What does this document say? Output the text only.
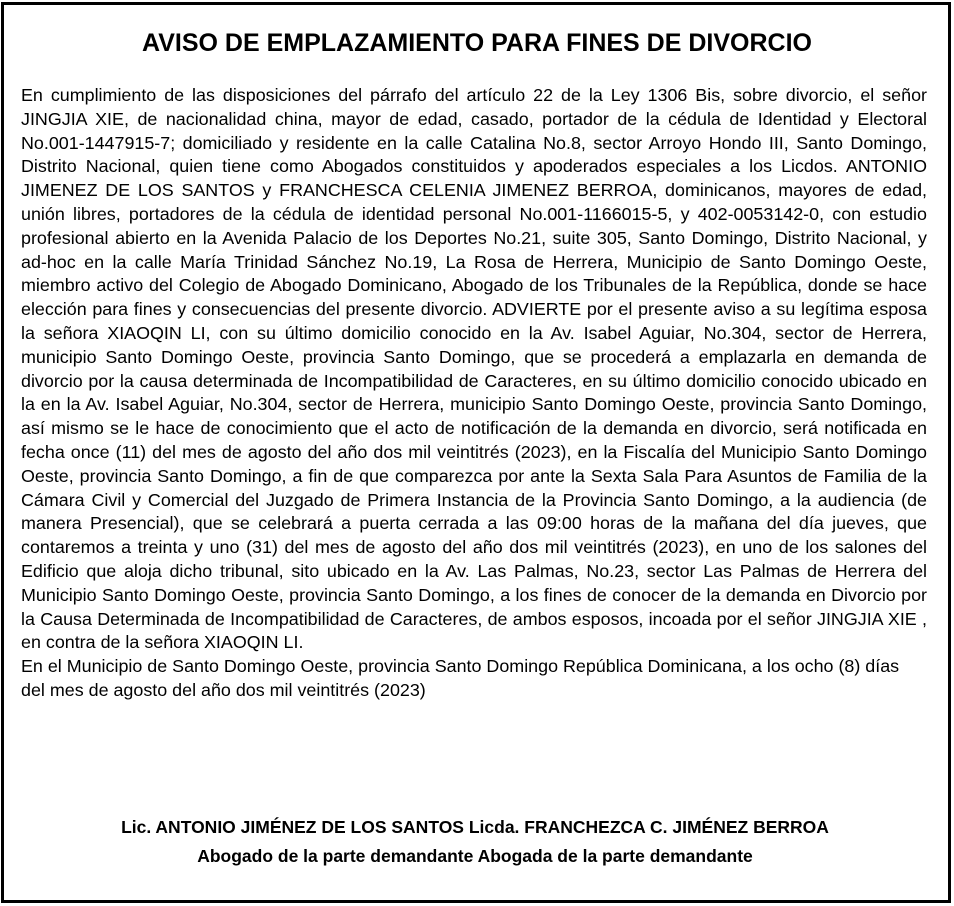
AVISO DE EMPLAZAMIENTO PARA FINES DE DIVORCIO

En cumplimiento de las disposiciones del párrafo del artículo 22 de la Ley 1306 Bis, sobre divorcio, el señor JINGJIA XIE, de nacionalidad china, mayor de edad, casado, portador de la cédula de Identidad y Electoral No.001-1447915-7; domiciliado y residente en la calle Catalina No.8, sector Arroyo Hondo III, Santo Domingo, Distrito Nacional, quien tiene como Abogados constituidos y apoderados especiales a los Licdos. ANTONIO JIMENEZ DE LOS SANTOS y FRANCHESCA CELENIA JIMENEZ BERROA, dominicanos, mayores de edad, unión libres, portadores de la cédula de identidad personal No.001-1166015-5, y 402-0053142-0, con estudio profesional abierto en la Avenida Palacio de los Deportes No.21, suite 305, Santo Domingo, Distrito Nacional, y ad-hoc en la calle María Trinidad Sánchez No.19, La Rosa de Herrera, Municipio de Santo Domingo Oeste, miembro activo del Colegio de Abogado Dominicano, Abogado de los Tribunales de la República, donde se hace elección para fines y consecuencias del presente divorcio. ADVIERTE por el presente aviso a su legítima esposa la señora XIAOQIN LI, con su último domicilio conocido en la Av. Isabel Aguiar, No.304, sector de Herrera, municipio Santo Domingo Oeste, provincia Santo Domingo, que se procederá a emplazarla en demanda de divorcio por la causa determinada de Incompatibilidad de Caracteres, en su último domicilio conocido ubicado en la en la Av. Isabel Aguiar, No.304, sector de Herrera, municipio Santo Domingo Oeste, provincia Santo Domingo, así mismo se le hace de conocimiento que el acto de notificación de la demanda en divorcio, será notificada en fecha once (11) del mes de agosto del año dos mil veintitrés (2023), en la Fiscalía del Municipio Santo Domingo Oeste, provincia Santo Domingo, a fin de que comparezca por ante la Sexta Sala Para Asuntos de Familia de la Cámara Civil y Comercial del Juzgado de Primera Instancia de la Provincia Santo Domingo, a la audiencia (de manera Presencial), que se celebrará a puerta cerrada a las 09:00 horas de la mañana del día jueves, que contaremos a treinta y uno (31) del mes de agosto del año dos mil veintitrés (2023), en uno de los salones del Edificio que aloja dicho tribunal, sito ubicado en la Av. Las Palmas, No.23, sector Las Palmas de Herrera del Municipio Santo Domingo Oeste, provincia Santo Domingo, a los fines de conocer de la demanda en Divorcio por la Causa Determinada de Incompatibilidad de Caracteres, de ambos esposos, incoada por el señor JINGJIA XIE , en contra de la señora XIAOQIN LI.

En el Municipio de Santo Domingo Oeste, provincia Santo Domingo República Dominicana, a los ocho (8) días del mes de agosto del año dos mil veintitrés (2023)

Lic. ANTONIO JIMÉNEZ DE LOS SANTOS Licda. FRANCHEZCA C. JIMÉNEZ BERROA
Abogado de la parte demandante Abogada de la parte demandante
